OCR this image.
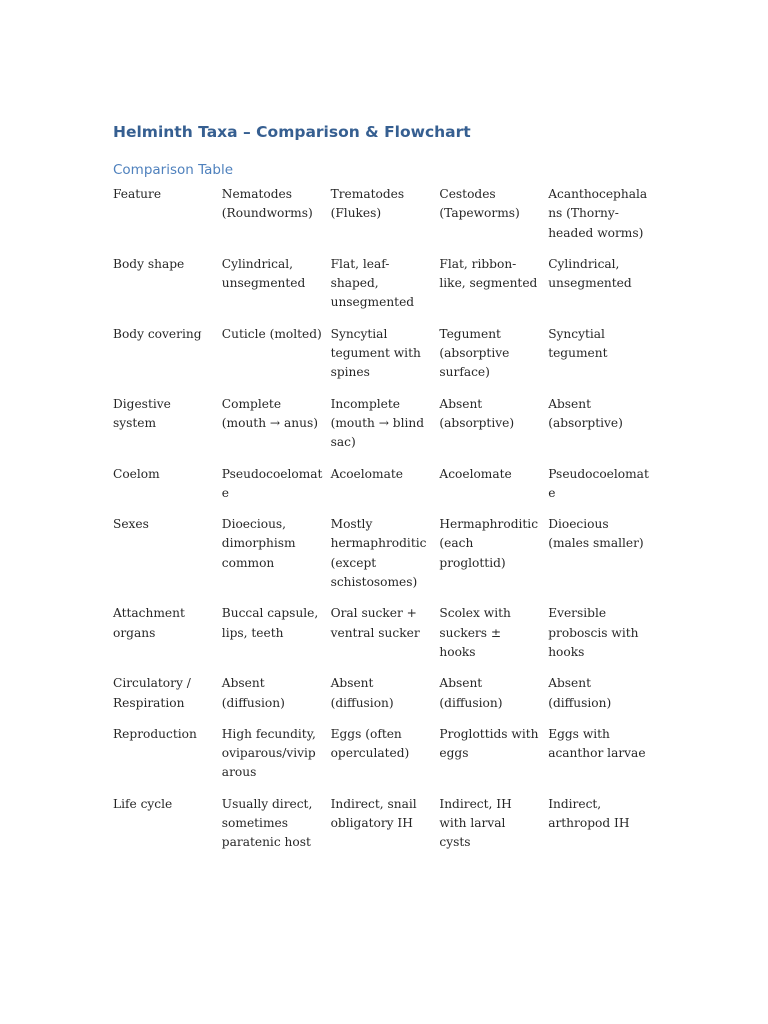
Helminth Taxa – Comparison & Flowchart
Comparison Table
Feature	Nematodes (Roundworms)	Trematodes (Flukes)	Cestodes (Tapeworms)	Acanthocephalans (Thorny-headed worms)
Body shape	Cylindrical, unsegmented	Flat, leaf-shaped, unsegmented	Flat, ribbon-like, segmented	Cylindrical, unsegmented
Body covering	Cuticle (molted)	Syncytial tegument with spines	Tegument (absorptive surface)	Syncytial tegument
Digestive system	Complete (mouth → anus)	Incomplete (mouth → blind sac)	Absent (absorptive)	Absent (absorptive)
Coelom	Pseudocoelomate	Acoelomate	Acoelomate	Pseudocoelomate
Sexes	Dioecious, dimorphism common	Mostly hermaphroditic (except schistosomes)	Hermaphroditic (each proglottid)	Dioecious (males smaller)
Attachment organs	Buccal capsule, lips, teeth	Oral sucker + ventral sucker	Scolex with suckers ± hooks	Eversible proboscis with hooks
Circulatory / Respiration	Absent (diffusion)	Absent (diffusion)	Absent (diffusion)	Absent (diffusion)
Reproduction	High fecundity, oviparous/viviparous	Eggs (often operculated)	Proglottids with eggs	Eggs with acanthor larvae
Life cycle	Usually direct, sometimes paratenic host	Indirect, snail obligatory IH	Indirect, IH with larval cysts	Indirect, arthropod IH
